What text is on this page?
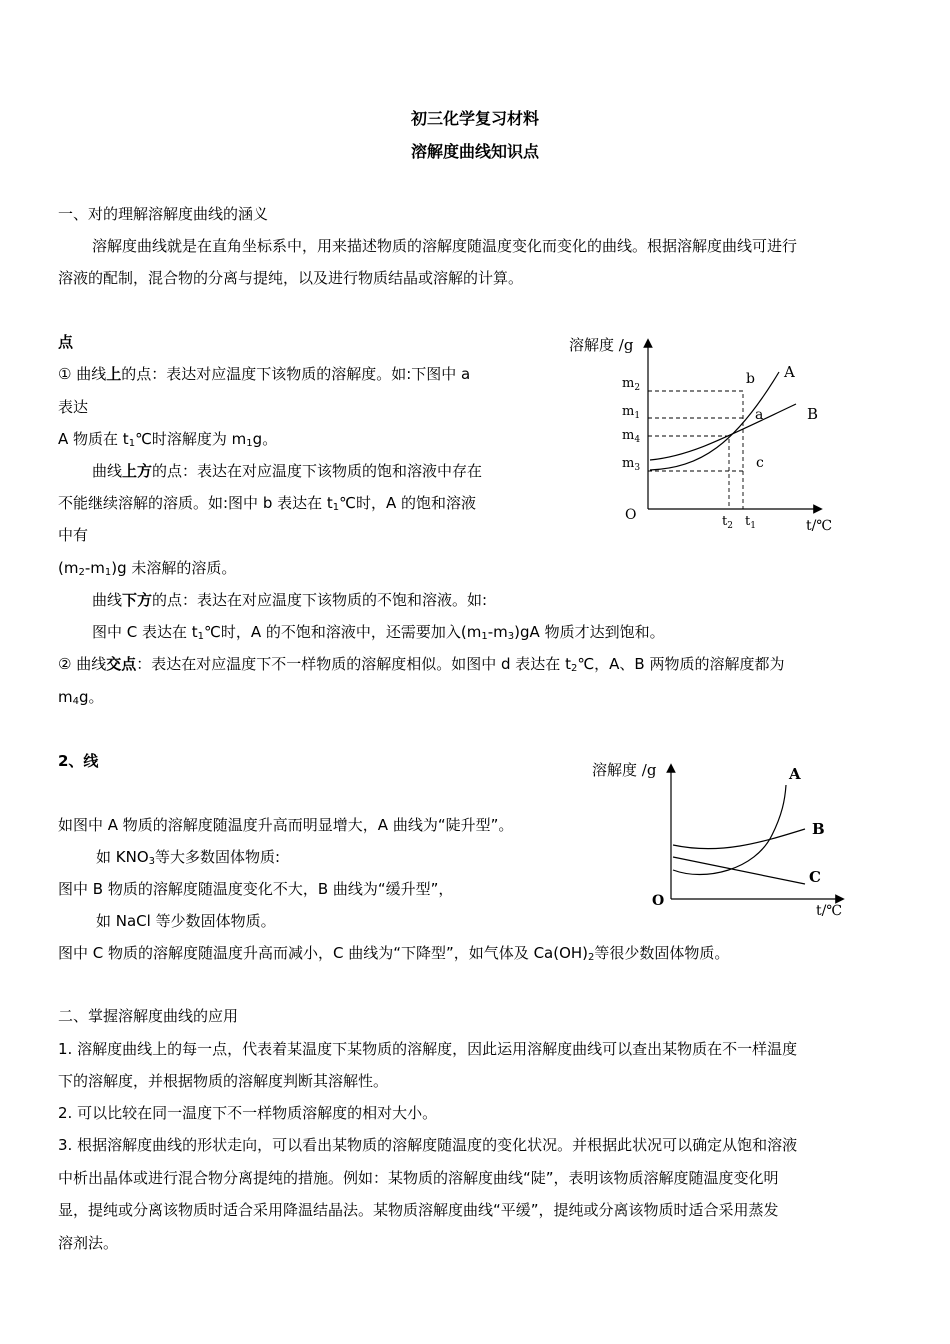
初三化学复习材料
溶解度曲线知识点
一、对的理解溶解度曲线的涵义
溶解度曲线就是在直角坐标系中，用来描述物质的溶解度随温度变化而变化的曲线。根据溶解度曲线可进行
溶液的配制，混合物的分离与提纯，以及进行物质结晶或溶解的计算。
点
① 曲线上的点：表达对应温度下该物质的溶解度。如:下图中 a
表达
A 物质在 $t_1℃$时溶解度为 $m_1g$。
曲线上方的点：表达在对应温度下该物质的饱和溶液中存在
不能继续溶解的溶质。如:图中 b 表达在 $t_1℃$时，A 的饱和溶液
中有
$(m_2-m_1)g$ 未溶解的溶质。
曲线下方的点：表达在对应温度下该物质的不饱和溶液。如:
图中 C 表达在 $t_1℃$时，A 的不饱和溶液中，还需要加入$(m_1-m_3)gA$ 物质才达到饱和。
② 曲线交点：表达在对应温度下不一样物质的溶解度相似。如图中 d 表达在 $t_2℃$，A、B 两物质的溶解度都为
$m_4g$。
溶解度 /g
t/℃
O
$m_2$
$m_1$
$m_4$
$m_3$
$t_2$ $t_1$
A
B
a
b
c
2、线
如图中 A 物质的溶解度随温度升高而明显增大，A 曲线为“陡升型”。
如 $KNO_3$等大多数固体物质:
图中 B 物质的溶解度随温度变化不大，B 曲线为“缓升型”，
如 NaCl 等少数固体物质。
图中 C 物质的溶解度随温度升高而减小，C 曲线为“下降型”，如气体及 $Ca(OH)_2$等很少数固体物质。
溶解度 /g
t/℃
O
A
B
C
二、掌握溶解度曲线的应用
1. 溶解度曲线上的每一点，代表着某温度下某物质的溶解度，因此运用溶解度曲线可以查出某物质在不一样温度
下的溶解度，并根据物质的溶解度判断其溶解性。
2. 可以比较在同一温度下不一样物质溶解度的相对大小。
3. 根据溶解度曲线的形状走向，可以看出某物质的溶解度随温度的变化状况。并根据此状况可以确定从饱和溶液
中析出晶体或进行混合物分离提纯的措施。例如：某物质的溶解度曲线“陡”，表明该物质溶解度随温度变化明
显，提纯或分离该物质时适合采用降温结晶法。某物质溶解度曲线“平缓”，提纯或分离该物质时适合采用蒸发
溶剂法。
